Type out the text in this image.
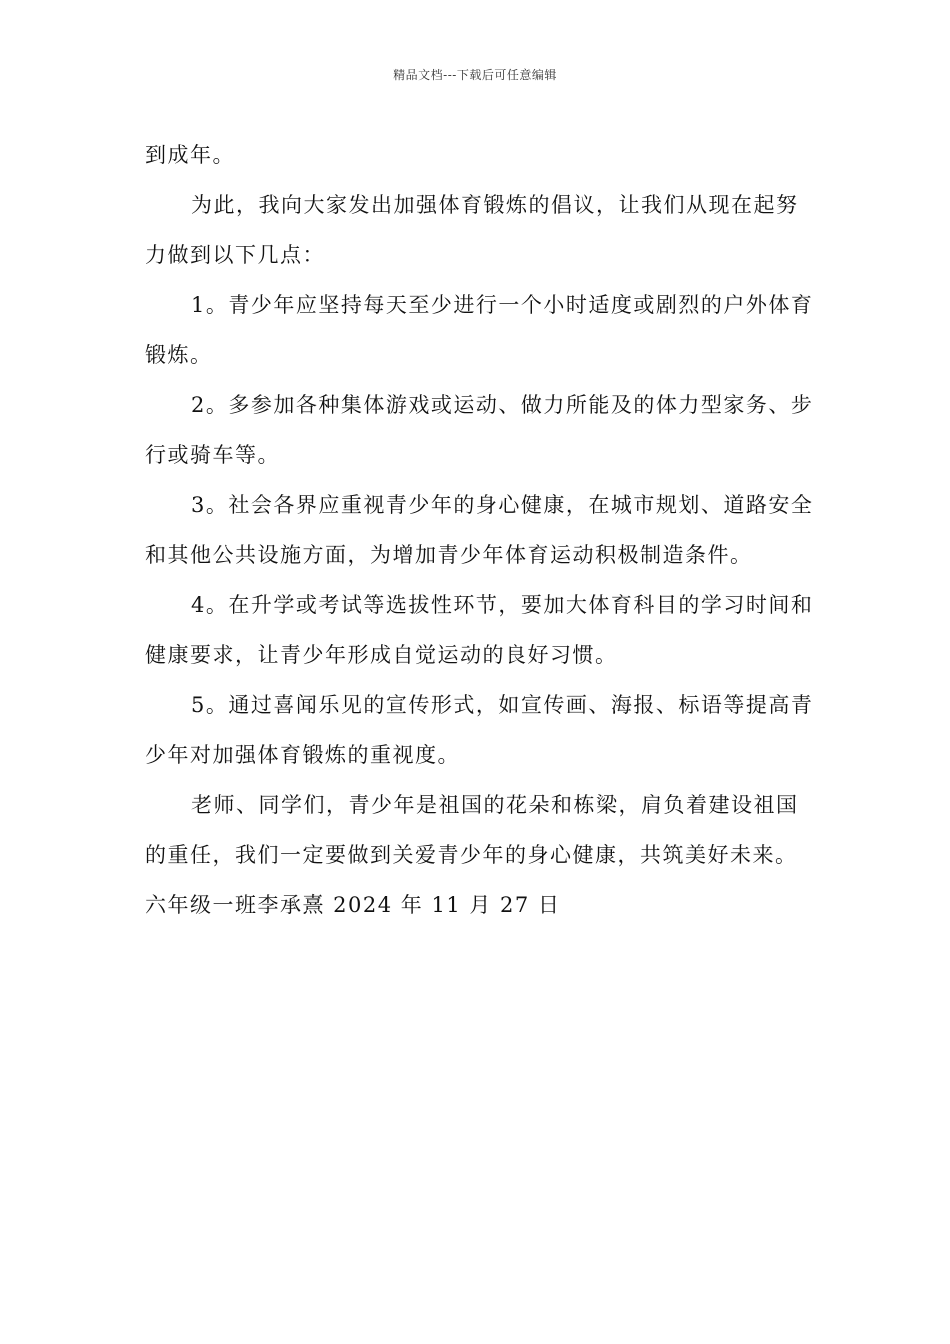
精品文档---下载后可任意编辑
到成年。
为此，我向大家发出加强体育锻炼的倡议，让我们从现在起努
力做到以下几点：
1。青少年应坚持每天至少进行一个小时适度或剧烈的户外体育
锻炼。
2。多参加各种集体游戏或运动、做力所能及的体力型家务、步
行或骑车等。
3。社会各界应重视青少年的身心健康，在城市规划、道路安全
和其他公共设施方面，为增加青少年体育运动积极制造条件。
4。在升学或考试等选拔性环节，要加大体育科目的学习时间和
健康要求，让青少年形成自觉运动的良好习惯。
5。通过喜闻乐见的宣传形式，如宣传画、海报、标语等提高青
少年对加强体育锻炼的重视度。
老师、同学们，青少年是祖国的花朵和栋梁，肩负着建设祖国
的重任，我们一定要做到关爱青少年的身心健康，共筑美好未来。
六年级一班李承熹 2024 年 11 月 27 日
